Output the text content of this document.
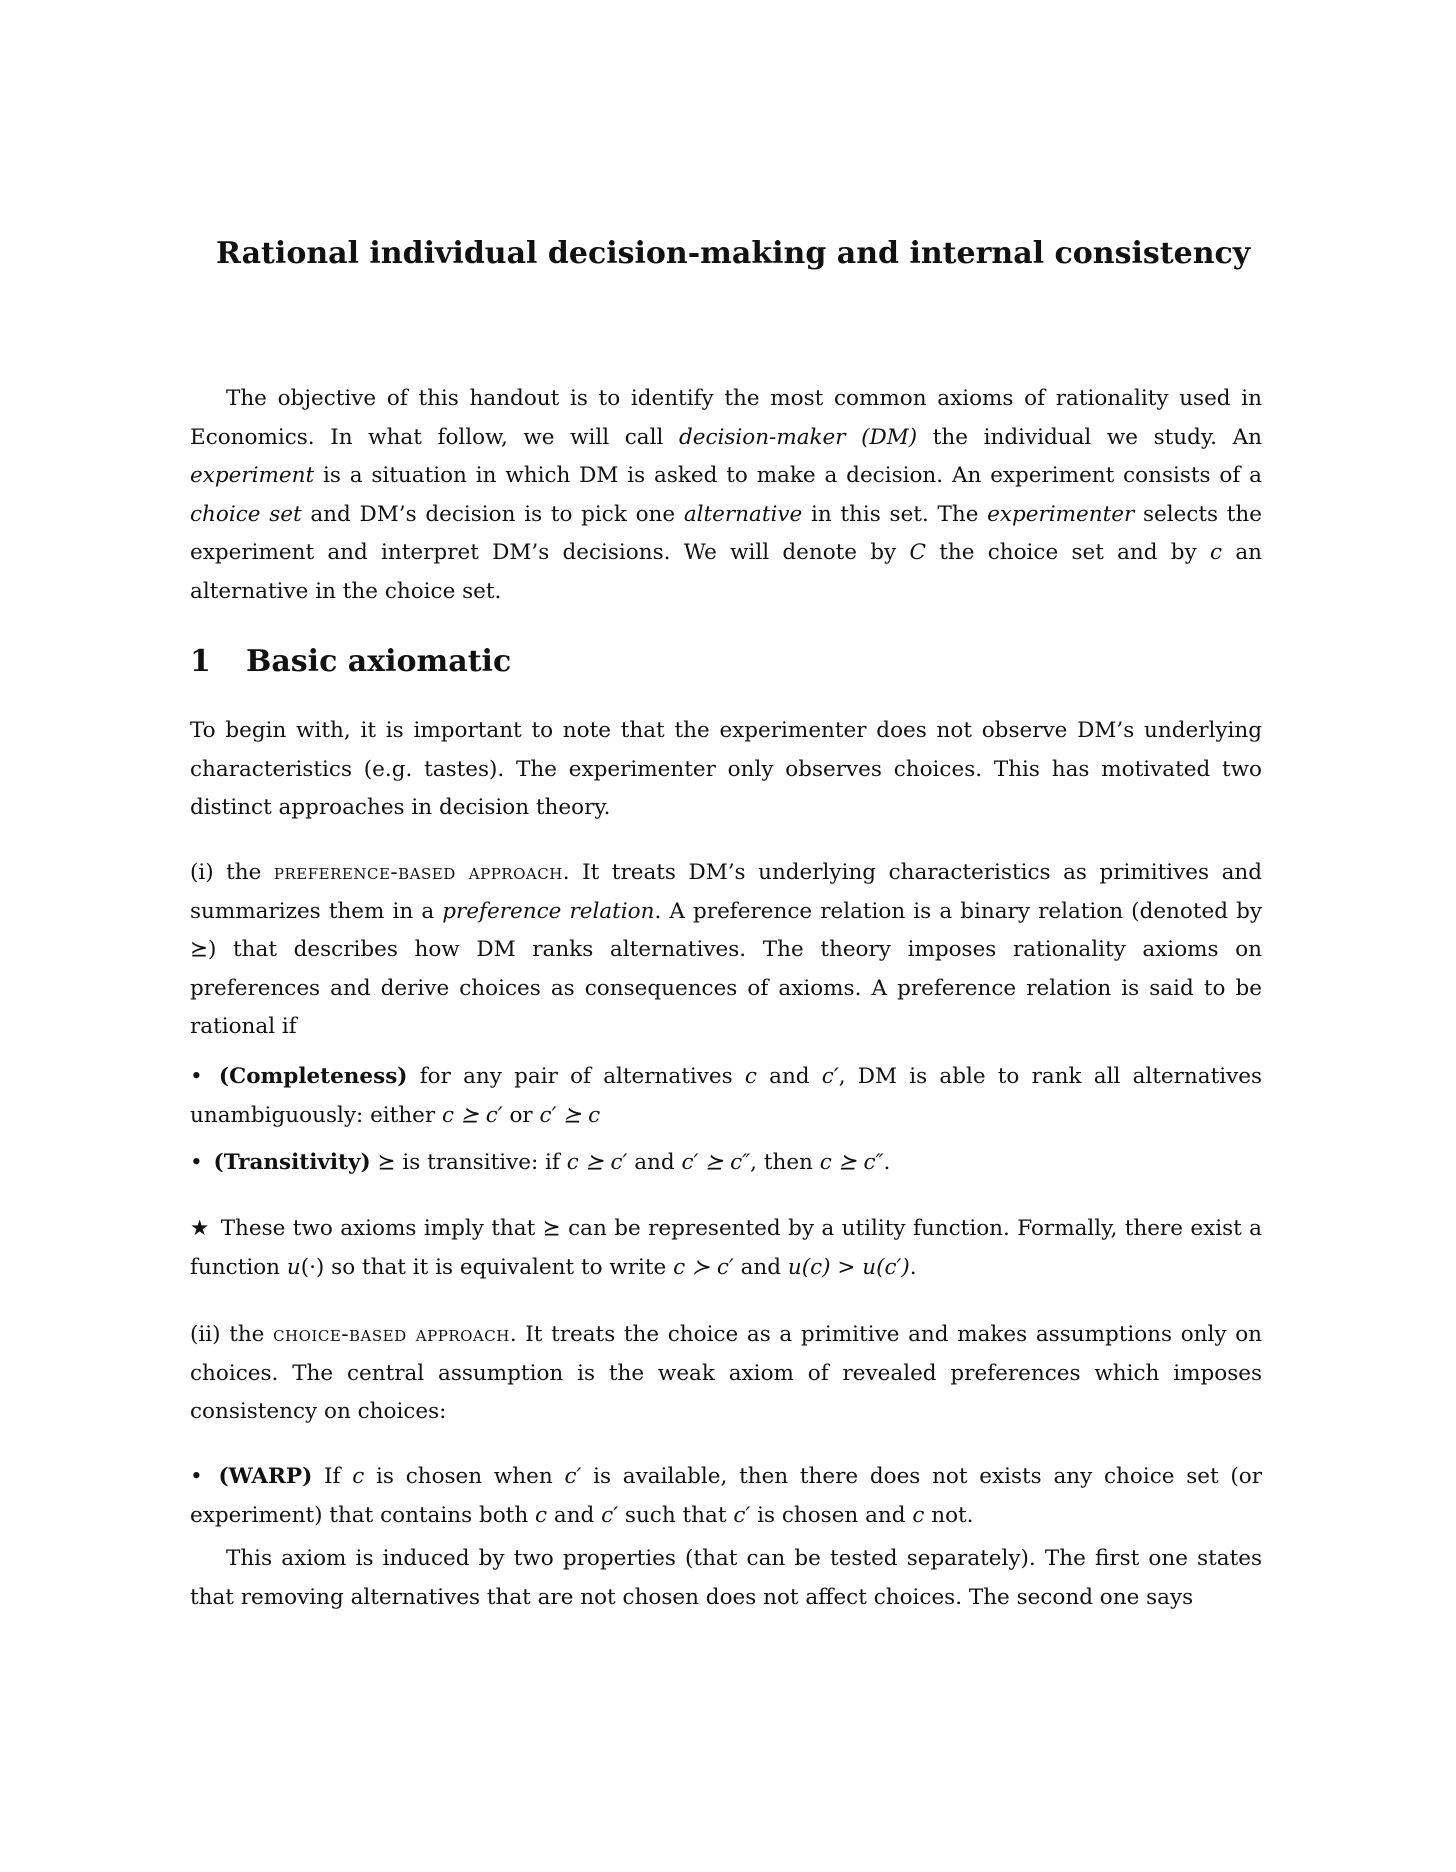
Rational individual decision-making and internal consistency

The objective of this handout is to identify the most common axioms of rationality used in Economics. In what follow, we will call decision-maker (DM) the individual we study. An experiment is a situation in which DM is asked to make a decision. An experiment consists of a choice set and DM’s decision is to pick one alternative in this set. The experimenter selects the experiment and interpret DM’s decisions. We will denote by C the choice set and by c an alternative in the choice set.

1 Basic axiomatic

To begin with, it is important to note that the experimenter does not observe DM’s underlying characteristics (e.g. tastes). The experimenter only observes choices. This has motivated two distinct approaches in decision theory.

(i) the preference-based approach. It treats DM’s underlying characteristics as primitives and summarizes them in a preference relation. A preference relation is a binary relation (denoted by ⪰) that describes how DM ranks alternatives. The theory imposes rationality axioms on preferences and derive choices as consequences of axioms. A preference relation is said to be rational if

• (Completeness) for any pair of alternatives c and c′, DM is able to rank all alternatives unambiguously: either c ⪰ c′ or c′ ⪰ c

• (Transitivity) ⪰ is transitive: if c ⪰ c′ and c′ ⪰ c″, then c ⪰ c″.

★ These two axioms imply that ⪰ can be represented by a utility function. Formally, there exist a function u(·) so that it is equivalent to write c ≻ c′ and u(c) > u(c′).

(ii) the choice-based approach. It treats the choice as a primitive and makes assumptions only on choices. The central assumption is the weak axiom of revealed preferences which imposes consistency on choices:

• (WARP) If c is chosen when c′ is available, then there does not exists any choice set (or experiment) that contains both c and c′ such that c′ is chosen and c not.

This axiom is induced by two properties (that can be tested separately). The first one states that removing alternatives that are not chosen does not affect choices. The second one says
